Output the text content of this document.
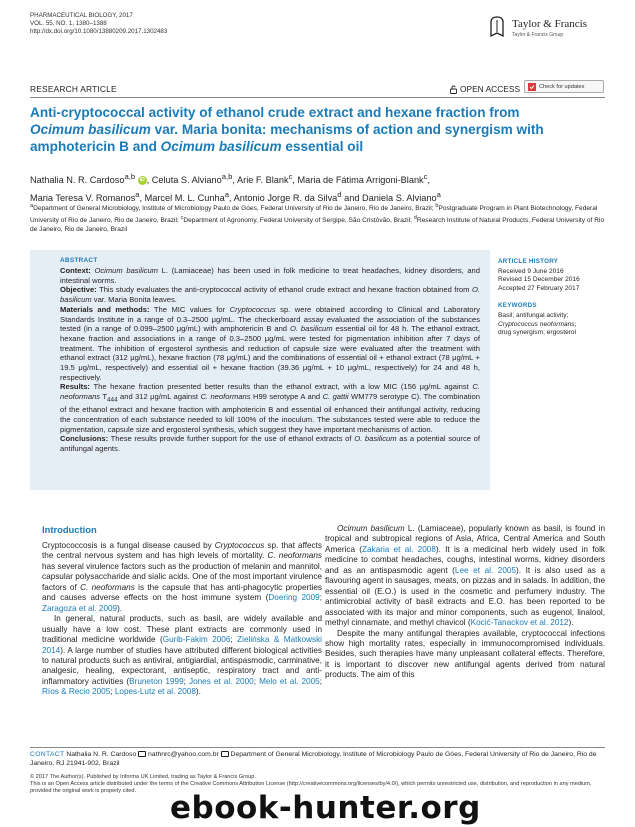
PHARMACEUTICAL BIOLOGY, 2017
VOL. 55, NO. 1, 1380–1388
http://dx.doi.org/10.1080/13880209.2017.1302483
Taylor & Francis
Taylor & Francis Group
RESEARCH ARTICLE	OPEN ACCESS	Check for updates
Anti-cryptococcal activity of ethanol crude extract and hexane fraction from
Ocimum basilicum var. Maria bonita: mechanisms of action and synergism with
amphotericin B and Ocimum basilicum essential oil
Nathalia N. R. Cardoso$^{a,b}$ iD , Celuta S. Alviano$^{a,b}$, Arie F. Blank$^c$, Maria de Fátima Arrigoni-Blank$^c$,
Maria Teresa V. Romanos$^a$, Marcel M. L. Cunha$^a$, Antonio Jorge R. da Silva$^d$ and Daniela S. Alviano$^a$
$^a$Department of General Microbiology, Institute of Microbiology Paulo de Góes, Federal University of Rio de Janeiro, Rio de Janeiro, Brazil; $^b$Postgraduate Program in Plant Biotechnology, Federal University of Rio de Janeiro, Rio de Janeiro, Brazil; $^c$Department of Agronomy, Federal University of Sergipe, São Cristóvão, Brazil; $^d$Research Institute of Natural Products, Federal University of Rio de Janeiro, Rio de Janeiro, Brazil
ABSTRACT

Context: Ocimum basilicum L. (Lamiaceae) has been used in folk medicine to treat headaches, kidney disorders, and intestinal worms.

Objective: This study evaluates the anti-cryptococcal activity of ethanol crude extract and hexane fraction obtained from O. basilicum var. Maria Bonita leaves.

Materials and methods: The MIC values for Cryptococcus sp. were obtained according to Clinical and Laboratory Standards Institute in a range of 0.3–2500 μg/mL. The checkerboard assay evaluated the association of the substances tested (in a range of 0.099–2500 μg/mL) with amphotericin B and O. basilicum essential oil for 48 h. The ethanol extract, hexane fraction and associations in a range of 0.3–2500 μg/mL were tested for pigmentation inhibition after 7 days of treatment. The inhibition of ergosterol synthesis and reduction of capsule size were evaluated after the treatment with ethanol extract (312 μg/mL), hexane fraction (78 μg/mL) and the combinations of essential oil + ethanol extract (78 μg/mL + 19.5 μg/mL, respectively) and essential oil + hexane fraction (39.36 μg/mL + 10 μg/mL, respectively) for 24 and 48 h, respectively.

Results: The hexane fraction presented better results than the ethanol extract, with a low MIC (156 μg/mL against C. neoformans $T_{444}$ and 312 μg/mL against C. neoformans H99 serotype A and C. gattii WM779 serotype C). The combination of the ethanol extract and hexane fraction with amphotericin B and essential oil enhanced their antifungal activity, reducing the concentration of each substance needed to kill 100% of the inoculum. The substances tested were able to reduce the pigmentation, capsule size and ergosterol synthesis, which suggest they have important mechanisms of action.

Conclusions: These results provide further support for the use of ethanol extracts of O. basilicum as a potential source of antifungal agents.

ARTICLE HISTORY
Received 9 June 2016
Revised 15 December 2016
Accepted 27 February 2017
KEYWORDS
Basil; antifungal activity;
Cryptococcus neoformans;
drug synergism; ergosterol
Introduction

Cryptococcosis is a fungal disease caused by Cryptococcus sp. that affects the central nervous system and has high levels of mortality. C. neoformans has several virulence factors such as the production of melanin and mannitol, capsular polysaccharide and sialic acids. One of the most important virulence factors of C. neoformans is the capsule that has anti-phagocytic properties and causes adverse effects on the host immune system (Doering 2009; Zaragoza et al. 2009).

In general, natural products, such as basil, are widely available and usually have a low cost. These plant extracts are commonly used in traditional medicine worldwide (Gurib-Fakim 2006; Zielińska & Matkowski 2014). A large number of studies have attributed different biological activities to natural products such as antiviral, antigiardial, antispasmodic, carminative, analgesic, healing, expectorant, antiseptic, respiratory tract and anti-inflammatory activities (Bruneton 1999; Jones et al. 2000; Melo et al. 2005; Ríos & Recio 2005; Lopes-Lutz et al. 2008).

Ocimum basilicum L. (Lamiaceae), popularly known as basil, is found in tropical and subtropical regions of Asia, Africa, Central America and South America (Zakaria et al. 2008). It is a medicinal herb widely used in folk medicine to combat headaches, coughs, intestinal worms, kidney disorders and as an antispasmodic agent (Lee et al. 2005). It is also used as a flavouring agent in sausages, meats, on pizzas and in salads. In addition, the essential oil (E.O.) is used in the cosmetic and perfumery industry. The antimicrobial activity of basil extracts and E.O. has been reported to be associated with its major and minor components, such as eugenol, linalool, methyl cinnamate, and methyl chavicol (Kocić-Tanackov et al. 2012).

Despite the many antifungal therapies available, cryptococcal infections show high mortality rates, especially in immunocompromised individuals. Besides, such therapies have many unpleasant collateral effects. Therefore, it is important to discover new antifungal agents derived from natural products. The aim of this

CONTACT Nathalia N. R. Cardoso  nathnrc@yahoo.com.br  Department of General Microbiology, Institute of Microbiology Paulo de Góes, Federal University of Rio de Janeiro, Rio de Janeiro, RJ 21941-902, Brazil
© 2017 The Author(s). Published by Informa UK Limited, trading as Taylor & Francis Group.
This is an Open Access article distributed under the terms of the Creative Commons Attribution License (http://creativecommons.org/licenses/by/4.0/), which permits unrestricted use, distribution, and reproduction in any medium, provided the original work is properly cited.	ebook-hunter.org
